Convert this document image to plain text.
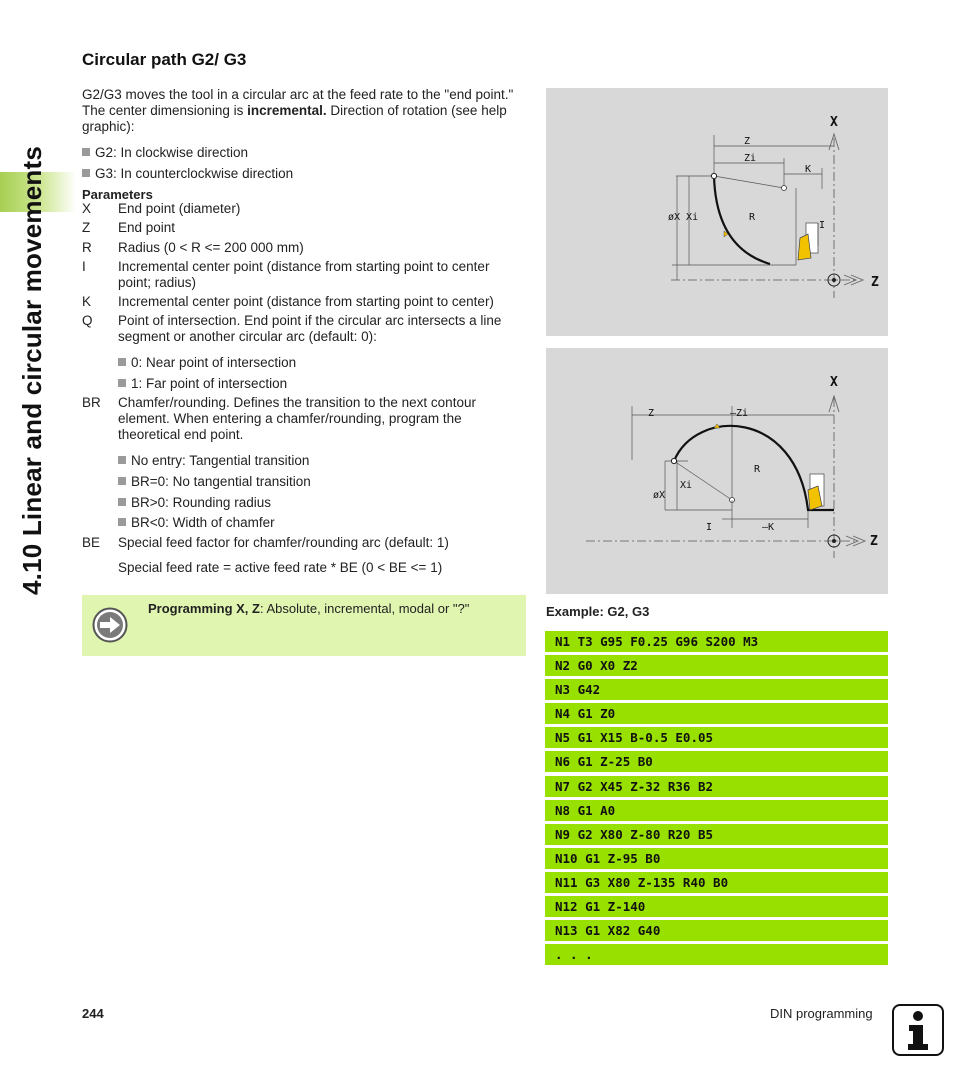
4.10 Linear and circular movements
Circular path G2/ G3
G2/G3 moves the tool in a circular arc at the feed rate to the "end point." The center dimensioning is incremental. Direction of rotation (see help graphic):
G2: In clockwise direction
G3: In counterclockwise direction
Parameters
X End point (diameter)
Z End point
R Radius (0 < R <= 200 000 mm)
I Incremental center point (distance from starting point to center point; radius)
K Incremental center point (distance from starting point to center)
Q Point of intersection. End point if the circular arc intersects a line segment or another circular arc (default: 0):
0: Near point of intersection
1: Far point of intersection
BR Chamfer/rounding. Defines the transition to the next contour element. When entering a chamfer/rounding, program the theoretical end point.
No entry: Tangential transition
BR=0: No tangential transition
BR>0: Rounding radius
BR<0: Width of chamfer
BE Special feed factor for chamfer/rounding arc (default: 1)
Special feed rate = active feed rate * BE (0 < BE <= 1)
Programming X, Z: Absolute, incremental, modal or "?"
X
Z
Z
Zi
K
øX Xi	R
I
X
Z
Z	–Zi
øX
Xi
R
I	–K
Example: G2, G3
N1 T3 G95 F0.25 G96 S200 M3
N2 G0 X0 Z2
N3 G42
N4 G1 Z0
N5 G1 X15 B-0.5 E0.05
N6 G1 Z-25 B0
N7 G2 X45 Z-32 R36 B2
N8 G1 A0
N9 G2 X80 Z-80 R20 B5
N10 G1 Z-95 B0
N11 G3 X80 Z-135 R40 B0
N12 G1 Z-140
N13 G1 X82 G40
. . .
244	DIN programming
